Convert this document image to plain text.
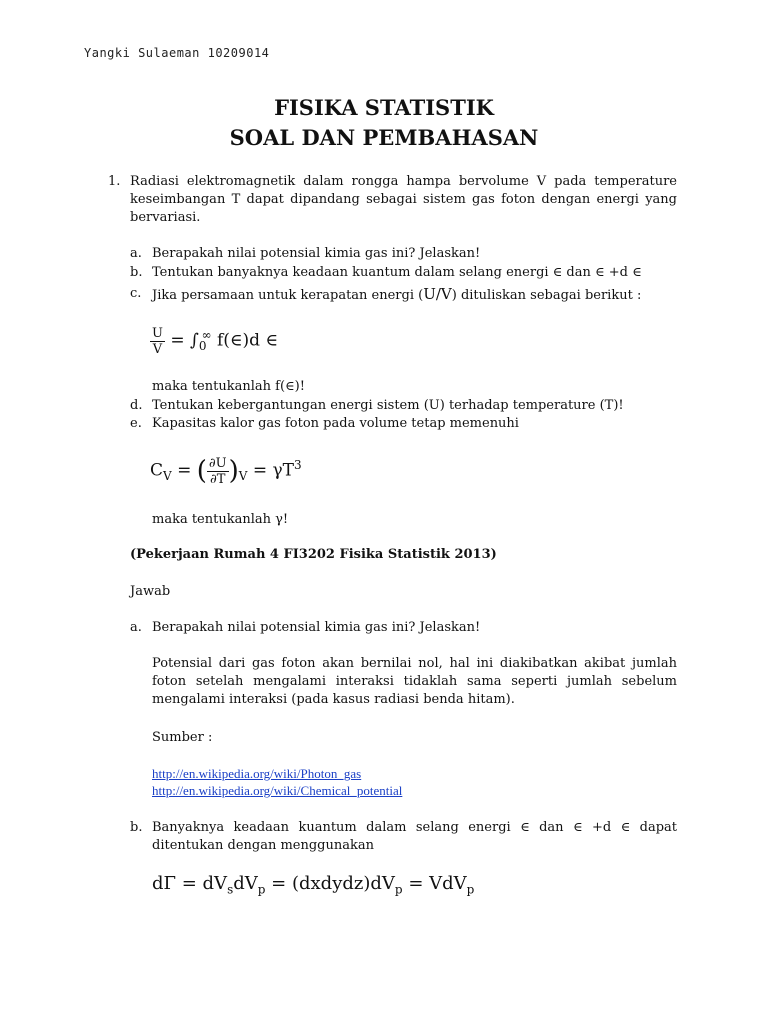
Yangki Sulaeman 10209014
FISIKA STATISTIK
SOAL DAN PEMBAHASAN
1. Radiasi elektromagnetik dalam rongga hampa bervolume V pada temperature keseimbangan T dapat dipandang sebagai sistem gas foton dengan energi yang bervariasi.
a. Berapakah nilai potensial kimia gas ini? Jelaskan!
b. Tentukan banyaknya keadaan kuantum dalam selang energi ∈ dan ∈ +d ∈
c. Jika persamaan untuk kerapatan energi (U/V) dituliskan sebagai berikut :
$\frac{U}{V} = \int_0^\infty$ f(∈)d ∈
maka tentukanlah f(∈)!
d. Tentukan kebergantungan energi sistem (U) terhadap temperature (T)!
e. Kapasitas kalor gas foton pada volume tetap memenuhi
$C_V$ = ( $\frac{\partial U}{\partial T} )_V = \gamma T^3$
maka tentukanlah γ!
(Pekerjaan Rumah 4 FI3202 Fisika Statistik 2013)
Jawab
a. Berapakah nilai potensial kimia gas ini? Jelaskan!
Potensial dari gas foton akan bernilai nol, hal ini diakibatkan akibat jumlah foton setelah mengalami interaksi tidaklah sama seperti jumlah sebelum mengalami interaksi (pada kasus radiasi benda hitam).
Sumber :
http://en.wikipedia.org/wiki/Photon_gas
http://en.wikipedia.org/wiki/Chemical_potential
b. Banyaknya keadaan kuantum dalam selang energi ∈ dan ∈ +d ∈ dapat ditentukan dengan menggunakan
$d\Gamma = dV_sdV_p$ = $(dxdydz)dV_p = VdV_p$
